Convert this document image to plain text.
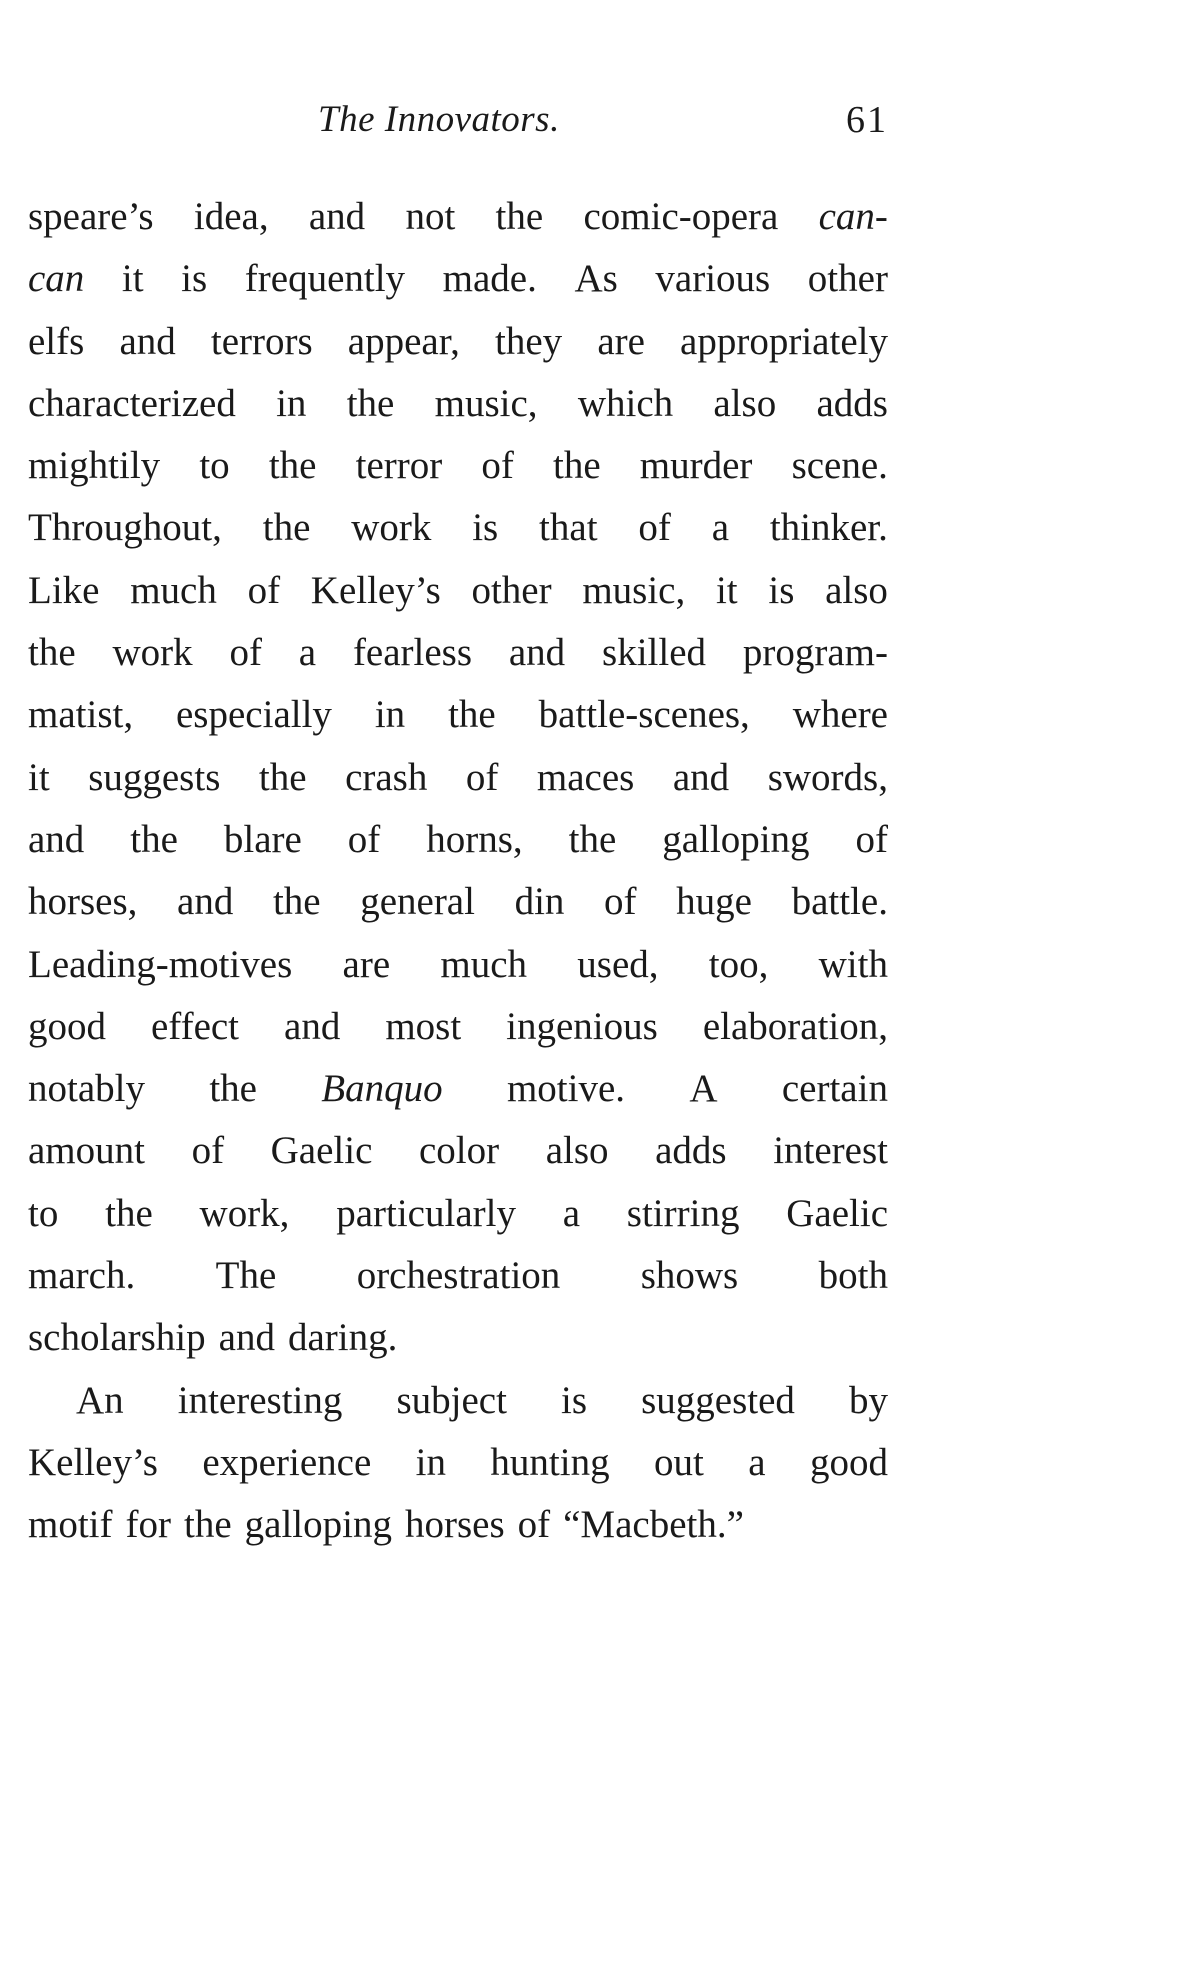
The Innovators.	61
speare’s idea, and not the comic-opera can-
can it is frequently made. As various other
elfs and terrors appear, they are appropriately
characterized in the music, which also adds
mightily to the terror of the murder scene.
Throughout, the work is that of a thinker.
Like much of Kelley’s other music, it is also
the work of a fearless and skilled program-
matist, especially in the battle-scenes, where
it suggests the crash of maces and swords,
and the blare of horns, the galloping of
horses, and the general din of huge battle.
Leading-motives are much used, too, with
good effect and most ingenious elaboration,
notably the Banquo motive. A certain
amount of Gaelic color also adds interest
to the work, particularly a stirring Gaelic
march. The orchestration shows both
scholarship and daring.
An interesting subject is suggested by
Kelley’s experience in hunting out a good
motif for the galloping horses of “Macbeth.”
